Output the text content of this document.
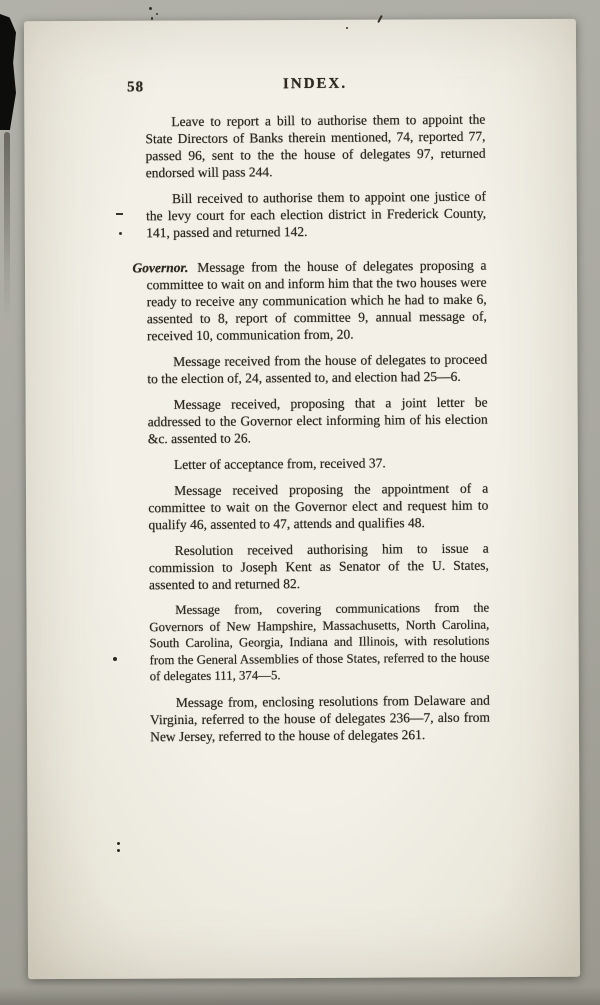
58	INDEX.

Leave to report a bill to authorise them to appoint the State Directors of Banks therein mentioned, 74, reported 77, passed 96, sent to the the house of delegates 97, returned endorsed will pass 244.

Bill received to authorise them to appoint one justice of the levy court for each election district in Frederick County, 141, passed and returned 142.

Governor. Message from the house of delegates proposing a committee to wait on and inform him that the two houses were ready to receive any communication which he had to make 6, assented to 8, report of committee 9, annual message of, received 10, communication from, 20.

Message received from the house of delegates to proceed to the election of, 24, assented to, and election had 25—6.

Message received, proposing that a joint letter be addressed to the Governor elect informing him of his election &c. assented to 26.

Letter of acceptance from, received 37.

Message received proposing the appointment of a committee to wait on the Governor elect and request him to qualify 46, assented to 47, attends and qualifies 48.

Resolution received authorising him to issue a commission to Joseph Kent as Senator of the U. States, assented to and returned 82.

Message from, covering communications from the Governors of New Hampshire, Massachusetts, North Carolina, South Carolina, Georgia, Indiana and Illinois, with resolutions from the General Assemblies of those States, referred to the house of delegates 111, 374—5.

Message from, enclosing resolutions from Delaware and Virginia, referred to the house of delegates 236—7, also from New Jersey, referred to the house of delegates 261.
